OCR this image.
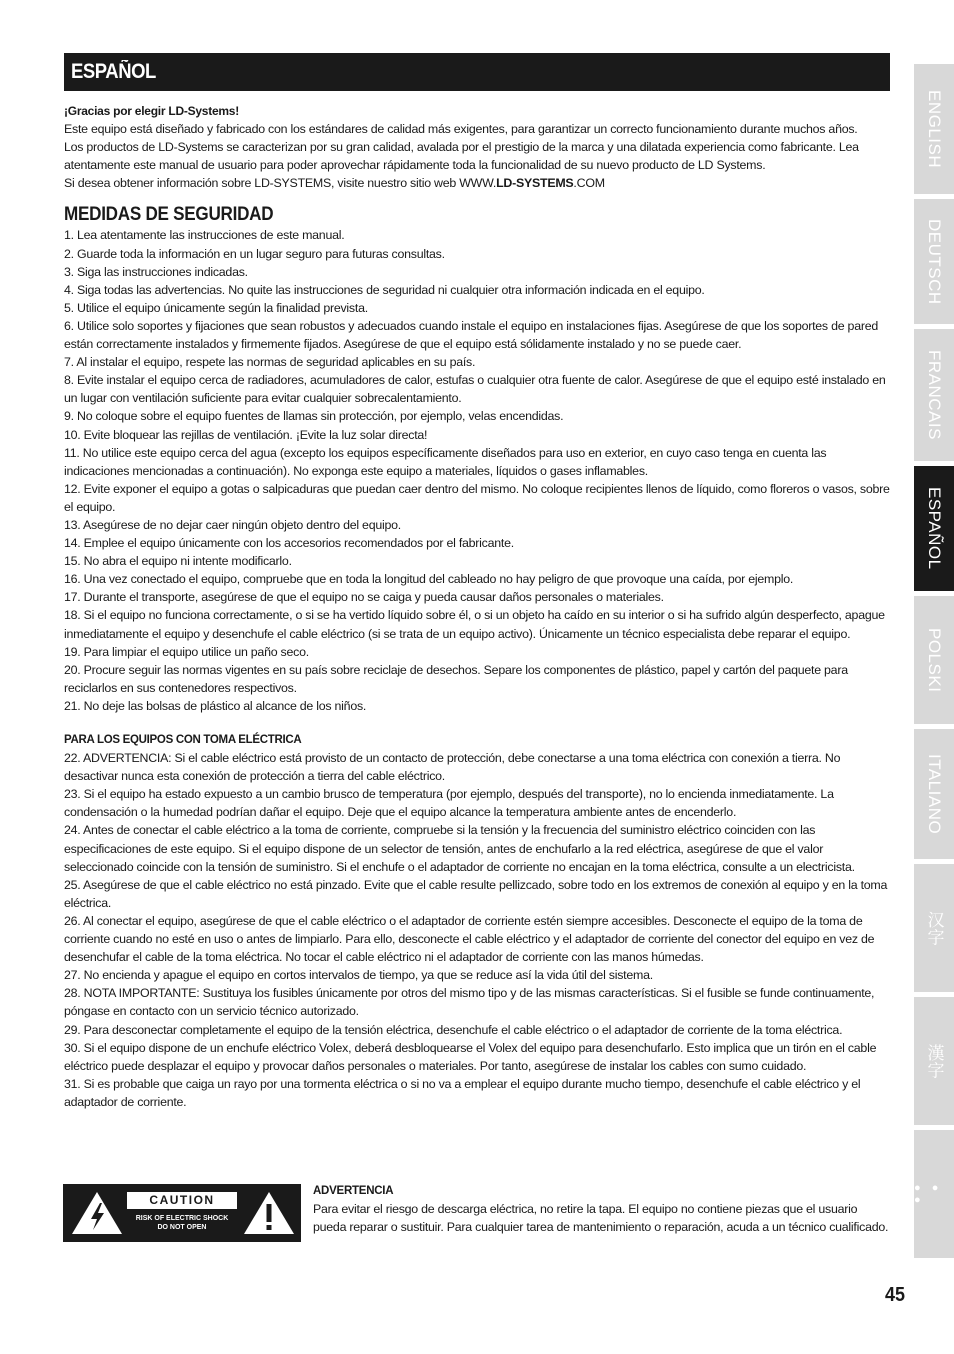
ESPAÑOL

¡Gracias por elegir LD-Systems!

Este equipo está diseñado y fabricado con los estándares de calidad más exigentes, para garantizar un correcto funcionamiento durante muchos años.

Los productos de LD-Systems se caracterizan por su gran calidad, avalada por el prestigio de la marca y una dilatada experiencia como fabricante. Lea atentamente este manual de usuario para poder aprovechar rápidamente toda la funcionalidad de su nuevo producto de LD Systems.

Si desea obtener información sobre LD-SYSTEMS, visite nuestro sitio web WWW.LD-SYSTEMS.COM

MEDIDAS DE SEGURIDAD

1. Lea atentamente las instrucciones de este manual.
2. Guarde toda la información en un lugar seguro para futuras consultas.
3. Siga las instrucciones indicadas.
4. Siga todas las advertencias. No quite las instrucciones de seguridad ni cualquier otra información indicada en el equipo.
5. Utilice el equipo únicamente según la finalidad prevista.
6. Utilice solo soportes y fijaciones que sean robustos y adecuados cuando instale el equipo en instalaciones fijas. Asegúrese de que los soportes de pared están correctamente instalados y firmemente fijados. Asegúrese de que el equipo está sólidamente instalado y no se puede caer.
7. Al instalar el equipo, respete las normas de seguridad aplicables en su país.
8. Evite instalar el equipo cerca de radiadores, acumuladores de calor, estufas o cualquier otra fuente de calor. Asegúrese de que el equipo esté instalado en un lugar con ventilación suficiente para evitar cualquier sobrecalentamiento.
9. No coloque sobre el equipo fuentes de llamas sin protección, por ejemplo, velas encendidas.
10. Evite bloquear las rejillas de ventilación. ¡Evite la luz solar directa!
11. No utilice este equipo cerca del agua (excepto los equipos específicamente diseñados para uso en exterior, en cuyo caso tenga en cuenta las indicaciones mencionadas a continuación). No exponga este equipo a materiales, líquidos o gases inflamables.
12. Evite exponer el equipo a gotas o salpicaduras que puedan caer dentro del mismo. No coloque recipientes llenos de líquido, como floreros o vasos, sobre el equipo.
13. Asegúrese de no dejar caer ningún objeto dentro del equipo.
14. Emplee el equipo únicamente con los accesorios recomendados por el fabricante.
15. No abra el equipo ni intente modificarlo.
16. Una vez conectado el equipo, compruebe que en toda la longitud del cableado no hay peligro de que provoque una caída, por ejemplo.
17. Durante el transporte, asegúrese de que el equipo no se caiga y pueda causar daños personales o materiales.
18. Si el equipo no funciona correctamente, o si se ha vertido líquido sobre él, o si un objeto ha caído en su interior o si ha sufrido algún desperfecto, apague inmediatamente el equipo y desenchufe el cable eléctrico (si se trata de un equipo activo). Únicamente un técnico especialista debe reparar el equipo.
19. Para limpiar el equipo utilice un paño seco.
20. Procure seguir las normas vigentes en su país sobre reciclaje de desechos. Separe los componentes de plástico, papel y cartón del paquete para reciclarlos en sus contenedores respectivos.
21. No deje las bolsas de plástico al alcance de los niños.

PARA LOS EQUIPOS CON TOMA ELÉCTRICA

22. ADVERTENCIA: Si el cable eléctrico está provisto de un contacto de protección, debe conectarse a una toma eléctrica con conexión a tierra. No desactivar nunca esta conexión de protección a tierra del cable eléctrico.
23. Si el equipo ha estado expuesto a un cambio brusco de temperatura (por ejemplo, después del transporte), no lo encienda inmediatamente. La condensación o la humedad podrían dañar el equipo. Deje que el equipo alcance la temperatura ambiente antes de encenderlo.
24. Antes de conectar el cable eléctrico a la toma de corriente, compruebe si la tensión y la frecuencia del suministro eléctrico coinciden con las especificaciones de este equipo. Si el equipo dispone de un selector de tensión, antes de enchufarlo a la red eléctrica, asegúrese de que el valor seleccionado coincide con la tensión de suministro. Si el enchufe o el adaptador de corriente no encajan en la toma eléctrica, consulte a un electricista.
25. Asegúrese de que el cable eléctrico no está pinzado. Evite que el cable resulte pellizcado, sobre todo en los extremos de conexión al equipo y en la toma eléctrica.
26. Al conectar el equipo, asegúrese de que el cable eléctrico o el adaptador de corriente estén siempre accesibles. Desconecte el equipo de la toma de corriente cuando no esté en uso o antes de limpiarlo. Para ello, desconecte el cable eléctrico y el adaptador de corriente del conector del equipo en vez de desenchufar el cable de la toma eléctrica. No tocar el cable eléctrico ni el adaptador de corriente con las manos húmedas.
27. No encienda y apague el equipo en cortos intervalos de tiempo, ya que se reduce así la vida útil del sistema.
28. NOTA IMPORTANTE: Sustituya los fusibles únicamente por otros del mismo tipo y de las mismas características. Si el fusible se funde continuamente, póngase en contacto con un servicio técnico autorizado.
29. Para desconectar completamente el equipo de la tensión eléctrica, desenchufe el cable eléctrico o el adaptador de corriente de la toma eléctrica.
30. Si el equipo dispone de un enchufe eléctrico Volex, deberá desbloquearse el Volex del equipo para desenchufarlo. Esto implica que un tirón en el cable eléctrico puede desplazar el equipo y provocar daños personales o materiales. Por tanto, asegúrese de instalar los cables con sumo cuidado.
31. Si es probable que caiga un rayo por una tormenta eléctrica o si no va a emplear el equipo durante mucho tiempo, desenchufe el cable eléctrico y el adaptador de corriente.
CAUTION
RISK OF ELECTRIC SHOCK
DO NOT OPEN

ADVERTENCIA

Para evitar el riesgo de descarga eléctrica, no retire la tapa. El equipo no contiene piezas que el usuario pueda reparar o sustituir. Para cualquier tarea de mantenimiento o reparación, acuda a un técnico cualificado.

ENGLISH
DEUTSCH
FRANCAIS
ESPAÑOL
POLSKI
ITALIANO
汉字
漢字
● ● ●
45
